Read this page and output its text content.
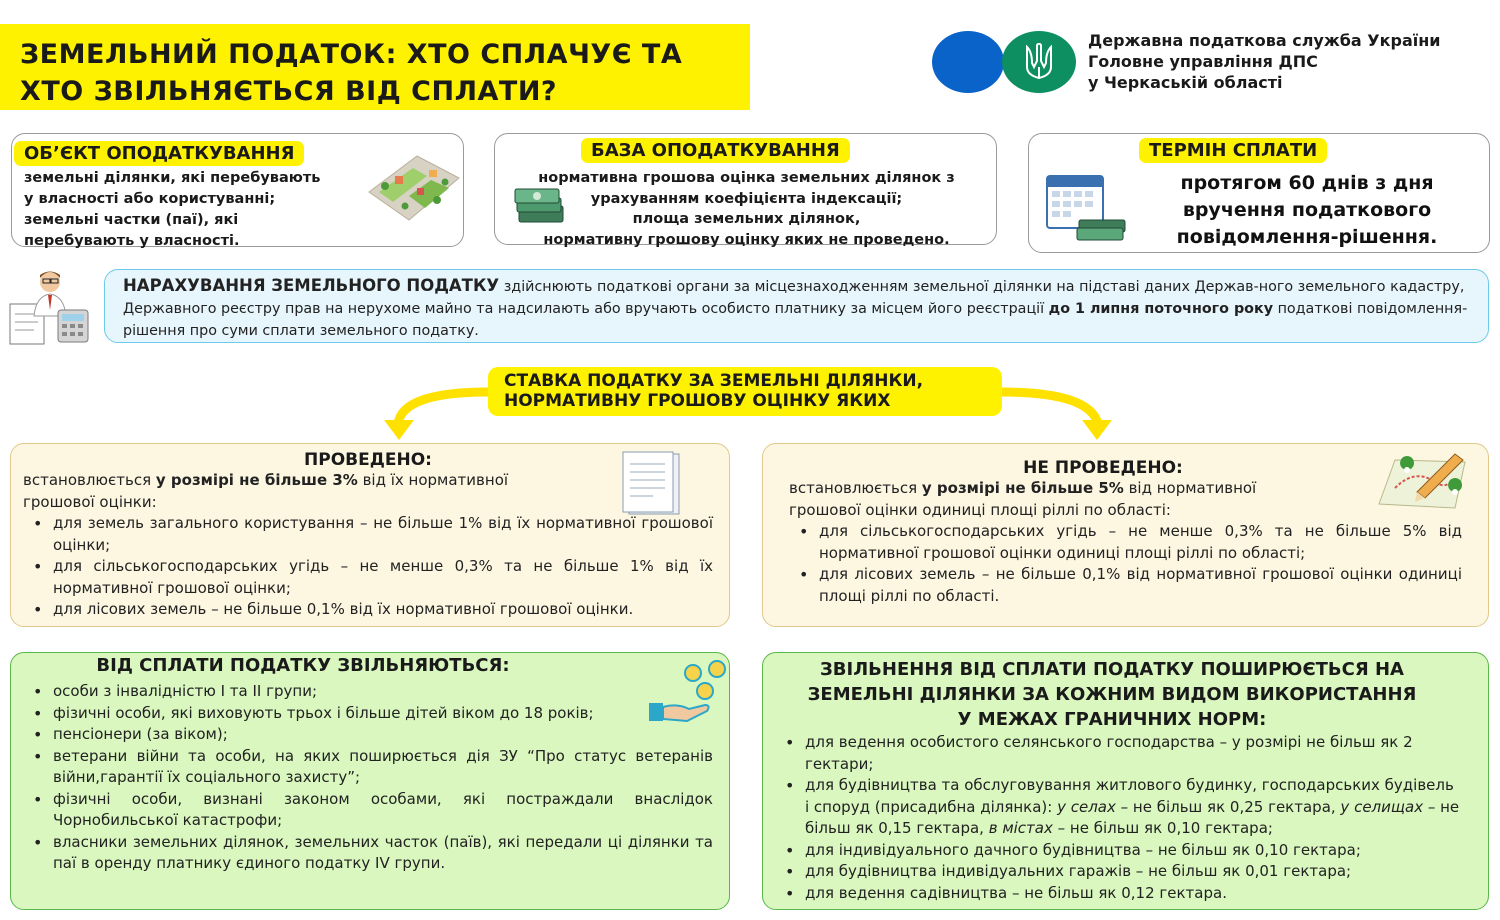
ЗЕМЕЛЬНИЙ ПОДАТОК: ХТО СПЛАЧУЄ ТА
ХТО ЗВІЛЬНЯЄТЬСЯ ВІД СПЛАТИ?
Державна податкова служба України
Головне управління ДПС
у Черкаській області
ОБ’ЄКТ ОПОДАТКУВАННЯ
земельні ділянки, які перебувають
у власності або користуванні;
земельні частки (паї), які
перебувають у власності.
БАЗА ОПОДАТКУВАННЯ
нормативна грошова оцінка земельних ділянок з
урахуванням коефіцієнта індексації;
площа земельних ділянок,
нормативну грошову оцінку яких не проведено.
ТЕРМІН СПЛАТИ
протягом 60 днів з дня
вручення податкового
повідомлення-рішення.
НАРАХУВАННЯ ЗЕМЕЛЬНОГО ПОДАТКУ здійснюють податкові органи за місцезнаходженням земельної ділянки на підставі даних Держав-ного земельного кадастру, Державного реєстру прав на нерухоме майно та надсилають або вручають особисто платнику за місцем його реєстрації до 1 липня поточного року податкові повідомлення-рішення про суми сплати земельного податку.
СТАВКА ПОДАТКУ ЗА ЗЕМЕЛЬНІ ДІЛЯНКИ,
НОРМАТИВНУ ГРОШОВУ ОЦІНКУ ЯКИХ
ПРОВЕДЕНО:
встановлюється у розмірі не більше 3% від їх нормативної грошової оцінки:
• для земель загального користування – не більше 1% від їх нормативної грошової оцінки;
• для сільськогосподарських угідь – не менше 0,3% та не більше 1% від їх нормативної грошової оцінки;
• для лісових земель – не більше 0,1% від їх нормативної грошової оцінки.
НЕ ПРОВЕДЕНО:
встановлюється у розмірі не більше 5% від нормативної грошової оцінки одиниці площі ріллі по області:
• для сільськогосподарських угідь – не менше 0,3% та не більше 5% від нормативної грошової оцінки одиниці площі ріллі по області;
• для лісових земель – не більше 0,1% від нормативної грошової оцінки одиниці площі ріллі по області.
ВІД СПЛАТИ ПОДАТКУ ЗВІЛЬНЯЮТЬСЯ:
• особи з інвалідністю I та II групи;
• фізичні особи, які виховують трьох і більше дітей віком до 18 років;
• пенсіонери (за віком);
• ветерани війни та особи, на яких поширюється дія ЗУ “Про статус ветеранів війни,гарантії їх соціального захисту”;
• фізичні особи, визнані законом особами, які постраждали внаслідок Чорнобильської катастрофи;
• власники земельних ділянок, земельних часток (паїв), які передали ці ділянки та паї в оренду платнику єдиного податку IV групи.
ЗВІЛЬНЕННЯ ВІД СПЛАТИ ПОДАТКУ ПОШИРЮЄТЬСЯ НА
ЗЕМЕЛЬНІ ДІЛЯНКИ ЗА КОЖНИМ ВИДОМ ВИКОРИСТАННЯ
У МЕЖАХ ГРАНИЧНИХ НОРМ:
• для ведення особистого селянського господарства – у розмірі не більш як 2 гектари;
• для будівництва та обслуговування житлового будинку, господарських будівель і споруд (присадибна ділянка): у селах – не більш як 0,25 гектара, у селищах – не більш як 0,15 гектара, в містах – не більш як 0,10 гектара;
• для індивідуального дачного будівництва – не більш як 0,10 гектара;
• для будівництва індивідуальних гаражів – не більш як 0,01 гектара;
• для ведення садівництва – не більш як 0,12 гектара.
